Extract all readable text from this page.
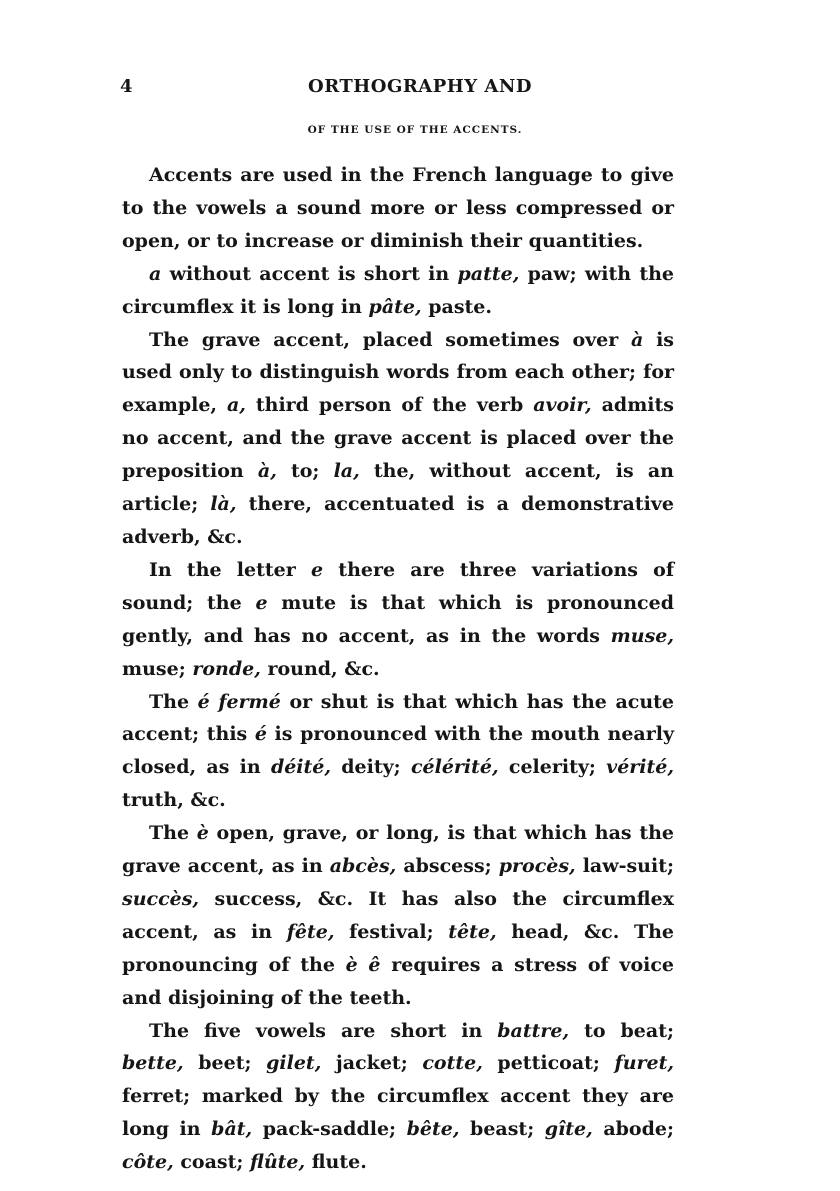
4	ORTHOGRAPHY AND
OF THE USE OF THE ACCENTS.

Accents are used in the French language to give to the vowels a sound more or less compressed or open, or to increase or diminish their quantities.

a without accent is short in patte, paw; with the circumflex it is long in pâte, paste.

The grave accent, placed sometimes over à is used only to distinguish words from each other; for example, a, third person of the verb avoir, admits no accent, and the grave accent is placed over the preposition à, to; la, the, without accent, is an article; là, there, accentuated is a demonstrative adverb, &c.

In the letter e there are three variations of sound; the e mute is that which is pronounced gently, and has no accent, as in the words muse, muse; ronde, round, &c.

The é fermé or shut is that which has the acute accent; this é is pronounced with the mouth nearly closed, as in déité, deity; célérité, celerity; vérité, truth, &c.

The è open, grave, or long, is that which has the grave accent, as in abcès, abscess; procès, law-suit; succès, success, &c. It has also the circumflex accent, as in fête, festival; tête, head, &c. The pronouncing of the è ê requires a stress of voice and disjoining of the teeth.

The five vowels are short in battre, to beat; bette, beet; gilet, jacket; cotte, petticoat; furet, ferret; marked by the circumflex accent they are long in bât, pack-saddle; bête, beast; gîte, abode; côte, coast; flûte, flute.
